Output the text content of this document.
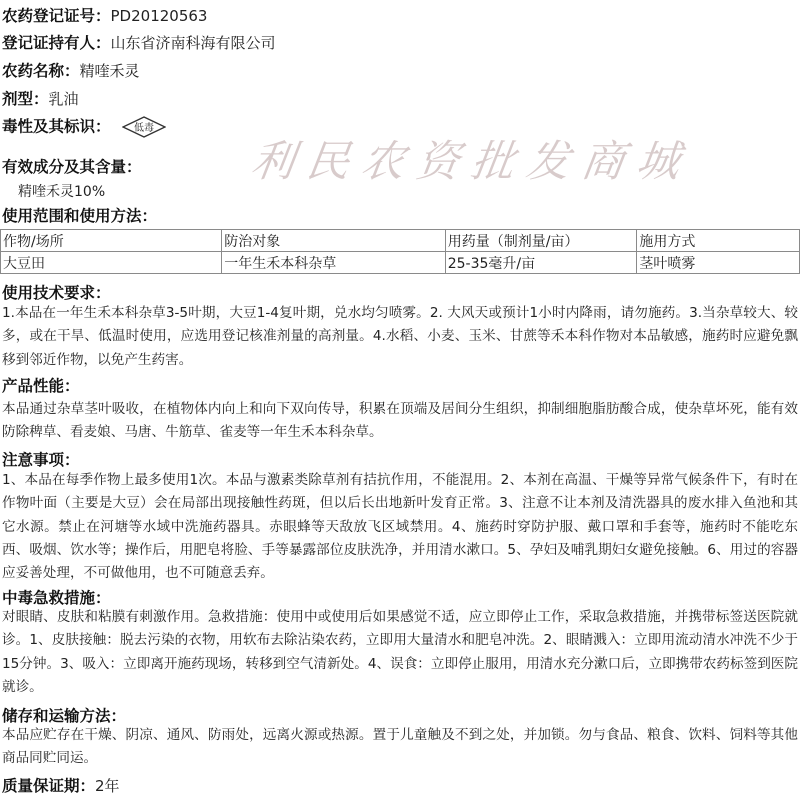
农药登记证号：PD20120563
登记证持有人：山东省济南科海有限公司
农药名称：精喹禾灵
剂型：乳油
毒性及其标识： 低毒
利民农资批发商城
有效成分及其含量：
精喹禾灵10%
使用范围和使用方法：
作物/场所	防治对象	用药量（制剂量/亩）	施用方式
大豆田	一年生禾本科杂草	25-35毫升/亩	茎叶喷雾
使用技术要求：
1.本品在一年生禾本科杂草3-5叶期，大豆1-4复叶期，兑水均匀喷雾。2. 大风天或预计1小时内降雨，请勿施药。3.当杂草较大、较多，或在干旱、低温时使用，应选用登记核准剂量的高剂量。4.水稻、小麦、玉米、甘蔗等禾本科作物对本品敏感，施药时应避免飘移到邻近作物，以免产生药害。
产品性能：
本品通过杂草茎叶吸收，在植物体内向上和向下双向传导，积累在顶端及居间分生组织，抑制细胞脂肪酸合成，使杂草坏死，能有效防除稗草、看麦娘、马唐、牛筋草、雀麦等一年生禾本科杂草。
注意事项：
1、本品在每季作物上最多使用1次。本品与激素类除草剂有拮抗作用，不能混用。2、本剂在高温、干燥等异常气候条件下，有时在作物叶面（主要是大豆）会在局部出现接触性药斑，但以后长出地新叶发育正常。3、注意不让本剂及清洗器具的废水排入鱼池和其它水源。禁止在河塘等水域中洗施药器具。赤眼蜂等天敌放飞区域禁用。4、施药时穿防护服、戴口罩和手套等，施药时不能吃东西、吸烟、饮水等；操作后，用肥皂将脸、手等暴露部位皮肤洗净，并用清水漱口。5、孕妇及哺乳期妇女避免接触。6、用过的容器应妥善处理，不可做他用，也不可随意丢弃。
中毒急救措施：
对眼睛、皮肤和粘膜有刺激作用。急救措施：使用中或使用后如果感觉不适，应立即停止工作，采取急救措施，并携带标签送医院就诊。1、皮肤接触：脱去污染的衣物，用软布去除沾染农药，立即用大量清水和肥皂冲洗。2、眼睛溅入：立即用流动清水冲洗不少于15分钟。3、吸入：立即离开施药现场，转移到空气清新处。4、误食：立即停止服用，用清水充分漱口后，立即携带农药标签到医院就诊。
储存和运输方法：
本品应贮存在干燥、阴凉、通风、防雨处，远离火源或热源。置于儿童触及不到之处，并加锁。勿与食品、粮食、饮料、饲料等其他商品同贮同运。
质量保证期：2年
